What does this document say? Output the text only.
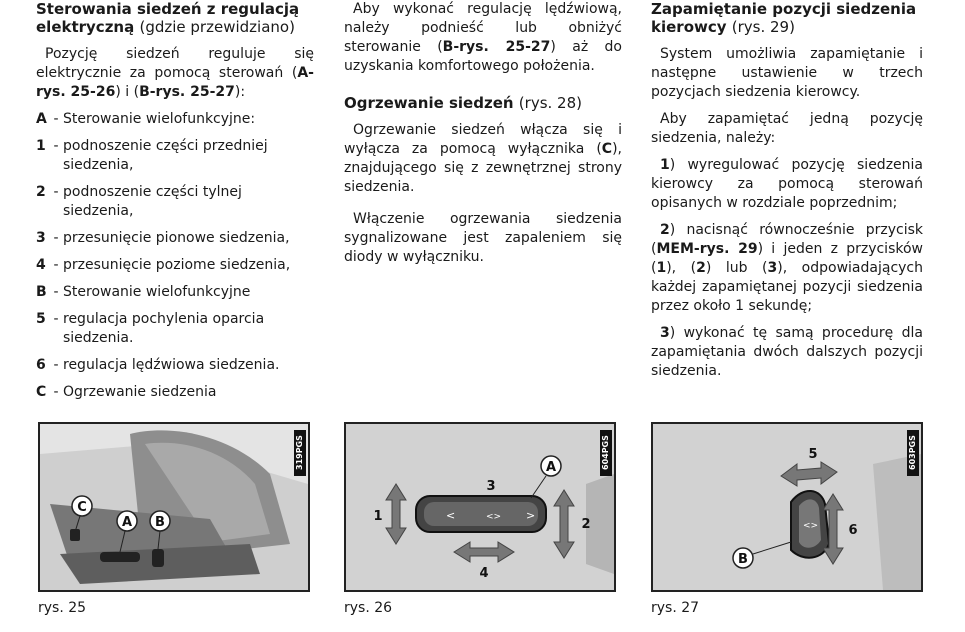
Sterowania siedzeń z regulacją elektryczną (gdzie przewidziano)

Pozycję siedzeń reguluje się elektrycznie za pomocą sterowań (A-rys. 25-26) i (B-rys. 25-27):

A - Sterowanie wielofunkcyjne:
1 - podnoszenie części przedniej siedzenia,
2 - podnoszenie części tylnej siedzenia,
3 - przesunięcie pionowe siedzenia,
4 - przesunięcie poziome siedzenia,
B - Sterowanie wielofunkcyjne
5 - regulacja pochylenia oparcia siedzenia.
6 - regulacja lędźwiowa siedzenia.
C - Ogrzewanie siedzenia

Aby wykonać regulację lędźwiową, należy podnieść lub obniżyć sterowanie (B-rys. 25-27) aż do uzyskania komfortowego położenia.

Ogrzewanie siedzeń (rys. 28)

Ogrzewanie siedzeń włącza się i wyłącza za pomocą wyłącznika (C), znajdującego się z zewnętrznej strony siedzenia.

Włączenie ogrzewania siedzenia sygnalizowane jest zapaleniem się diody w wyłączniku.

Zapamiętanie pozycji siedzenia kierowcy (rys. 29)

System umożliwia zapamiętanie i następne ustawienie w trzech pozycjach siedzenia kierowcy.

Aby zapamiętać jedną pozycję siedzenia, należy:

1) wyregulować pozycję siedzenia kierowcy za pomocą sterowań opisanych w rozdziale poprzednim;

2) nacisnąć równocześnie przycisk (MEM-rys. 29) i jeden z przycisków (1), (2) lub (3), odpowiadających każdej zapamiętanej pozycji siedzenia przez około 1 sekundę;

3) wykonać tę samą procedurę dla zapamiętania dwóch dalszych pozycji siedzenia.

C
A B
319PGS
rys. 25
1	<	<> >
4
2
3
A	604PGS
rys. 26
5
<> 6
B
603PGS
rys. 27
